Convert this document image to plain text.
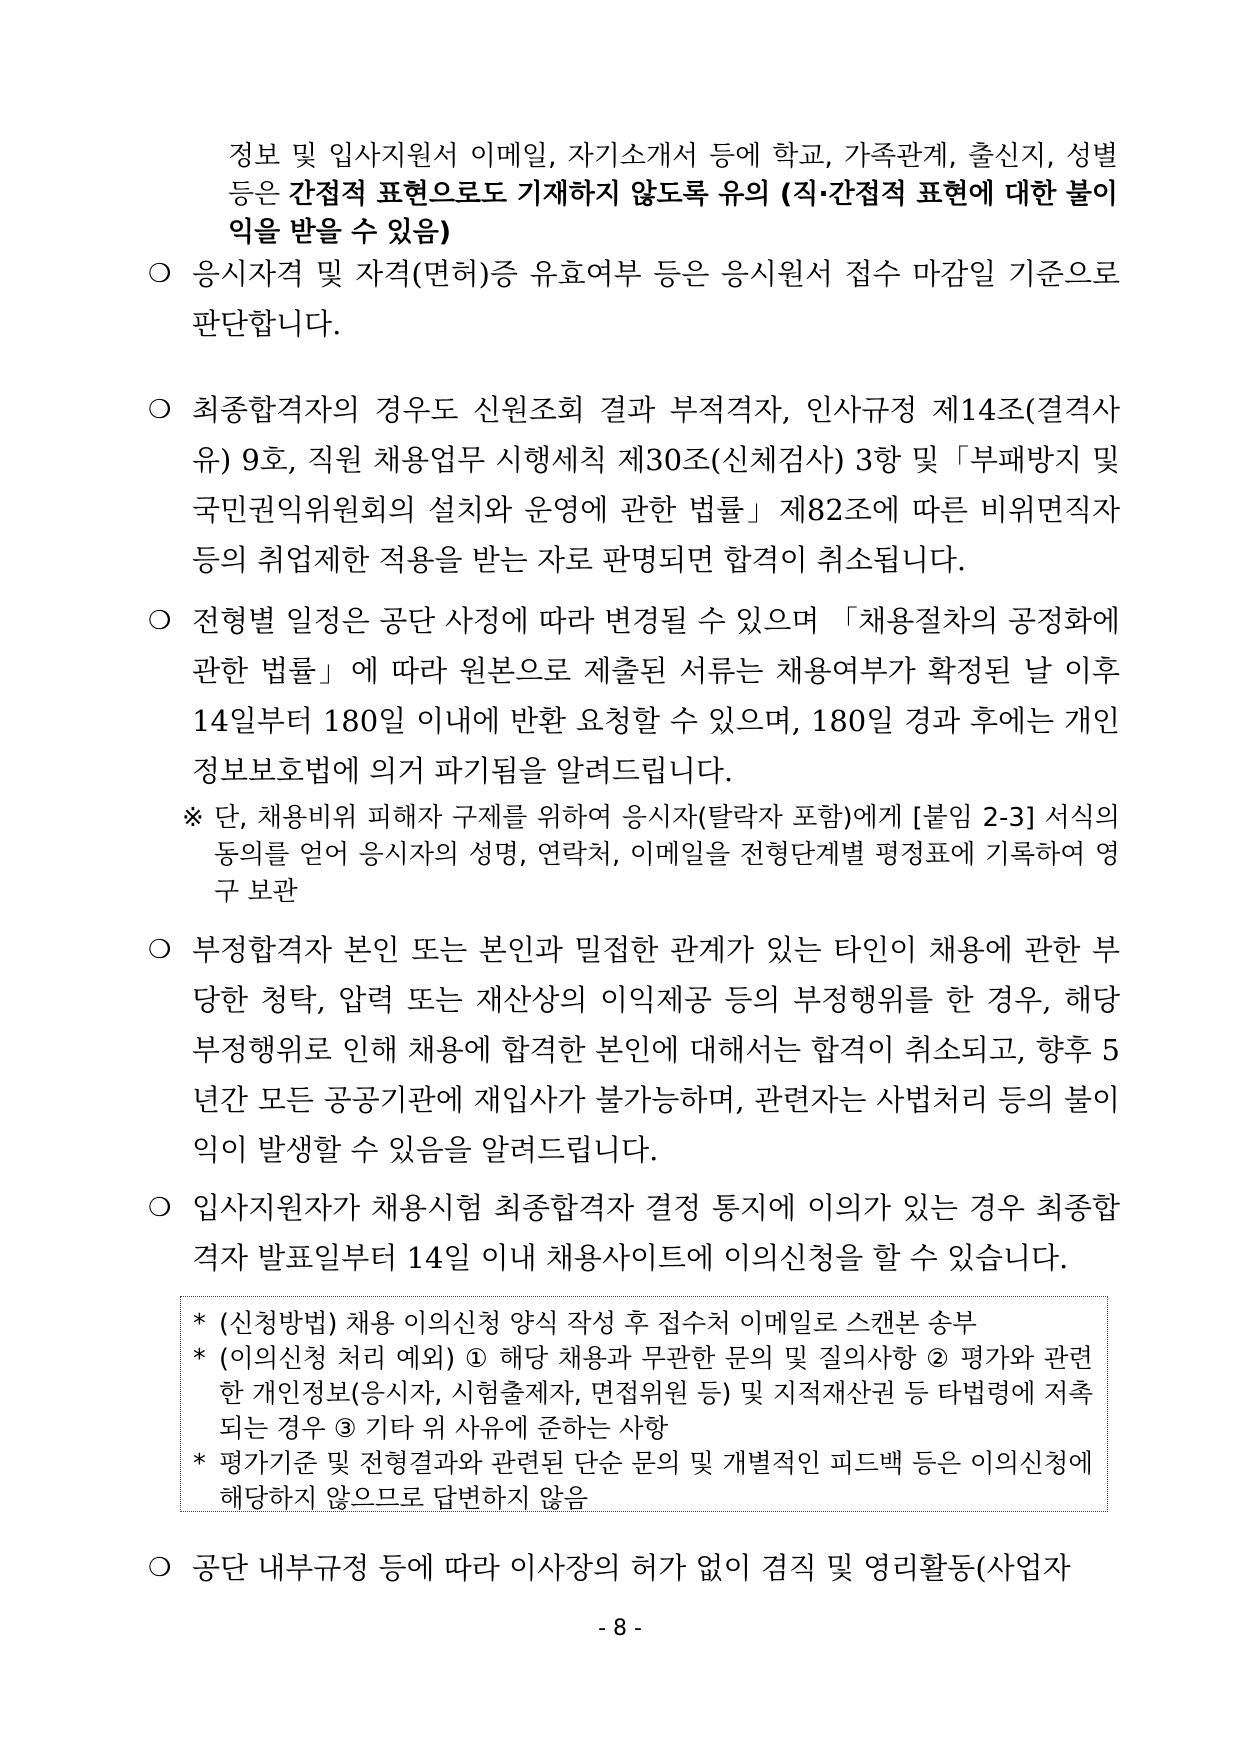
정보 및 입사지원서 이메일, 자기소개서 등에 학교, 가족관계, 출신지, 성별 등은 간접적 표현으로도 기재하지 않도록 유의 (직·간접적 표현에 대한 불이익을 받을 수 있음)
❍ 응시자격 및 자격(면허)증 유효여부 등은 응시원서 접수 마감일 기준으로 판단합니다.
❍ 최종합격자의 경우도 신원조회 결과 부적격자, 인사규정 제14조(결격사유) 9호, 직원 채용업무 시행세칙 제30조(신체검사) 3항 및「부패방지 및 국민권익위원회의 설치와 운영에 관한 법률」제82조에 따른 비위면직자 등의 취업제한 적용을 받는 자로 판명되면 합격이 취소됩니다.
❍ 전형별 일정은 공단 사정에 따라 변경될 수 있으며 「채용절차의 공정화에 관한 법률」에 따라 원본으로 제출된 서류는 채용여부가 확정된 날 이후 14일부터 180일 이내에 반환 요청할 수 있으며, 180일 경과 후에는 개인정보보호법에 의거 파기됨을 알려드립니다.
※ 단, 채용비위 피해자 구제를 위하여 응시자(탈락자 포함)에게 [붙임 2-3] 서식의 동의를 얻어 응시자의 성명, 연락처, 이메일을 전형단계별 평정표에 기록하여 영구 보관
❍ 부정합격자 본인 또는 본인과 밀접한 관계가 있는 타인이 채용에 관한 부당한 청탁, 압력 또는 재산상의 이익제공 등의 부정행위를 한 경우, 해당 부정행위로 인해 채용에 합격한 본인에 대해서는 합격이 취소되고, 향후 5년간 모든 공공기관에 재입사가 불가능하며, 관련자는 사법처리 등의 불이익이 발생할 수 있음을 알려드립니다.
❍ 입사지원자가 채용시험 최종합격자 결정 통지에 이의가 있는 경우 최종합격자 발표일부터 14일 이내 채용사이트에 이의신청을 할 수 있습니다.
* (신청방법) 채용 이의신청 양식 작성 후 접수처 이메일로 스캔본 송부
* (이의신청 처리 예외) ① 해당 채용과 무관한 문의 및 질의사항 ② 평가와 관련한 개인정보(응시자, 시험출제자, 면접위원 등) 및 지적재산권 등 타법령에 저촉되는 경우 ③ 기타 위 사유에 준하는 사항
* 평가기준 및 전형결과와 관련된 단순 문의 및 개별적인 피드백 등은 이의신청에 해당하지 않으므로 답변하지 않음
❍ 공단 내부규정 등에 따라 이사장의 허가 없이 겸직 및 영리활동(사업자
- 8 -
